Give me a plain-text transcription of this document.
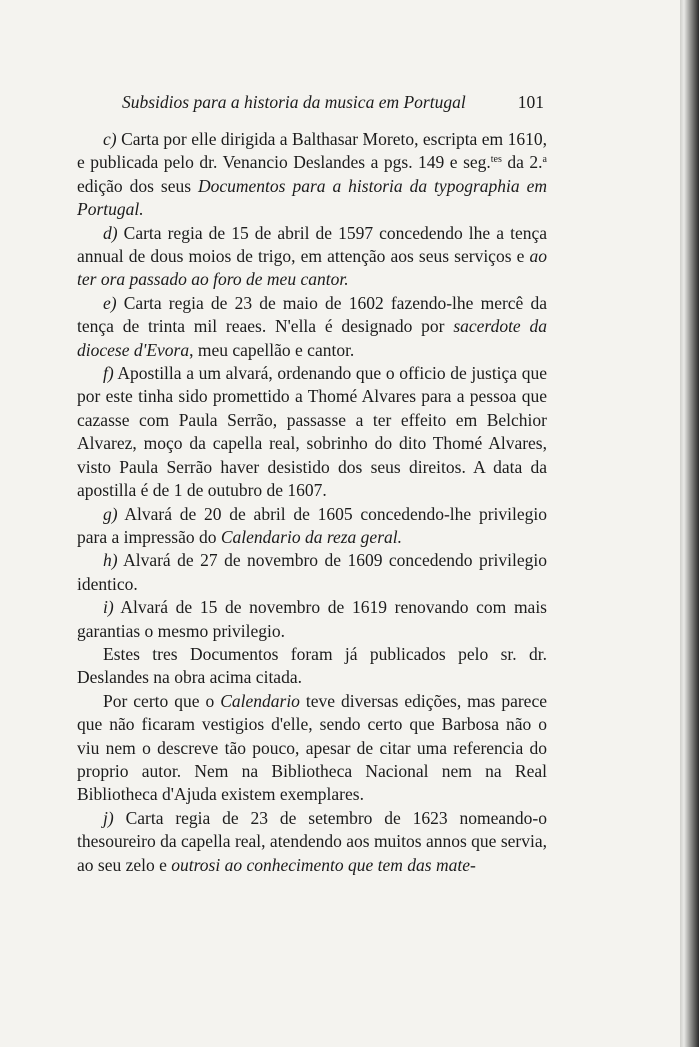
Subsidios para a historia da musica em Portugal	101

c) Carta por elle dirigida a Balthasar Moreto, escripta em 1610, e publicada pelo dr. Venancio Deslandes a pgs. 149 e seg.$^{tes}$ da 2.$^a$ edição dos seus Documentos para a historia da typographia em Portugal.

d) Carta regia de 15 de abril de 1597 concedendo lhe a tença annual de dous moios de trigo, em attenção aos seus serviços e ao ter ora passado ao foro de meu cantor.

e) Carta regia de 23 de maio de 1602 fazendo-lhe mercê da tença de trinta mil reaes. N'ella é designado por sacerdote da diocese d'Evora, meu capellão e cantor.

f) Apostilla a um alvará, ordenando que o officio de justiça que por este tinha sido promettido a Thomé Alvares para a pessoa que cazasse com Paula Serrão, passasse a ter effeito em Belchior Alvarez, moço da capella real, sobrinho do dito Thomé Alvares, visto Paula Serrão haver desistido dos seus direitos. A data da apostilla é de 1 de outubro de 1607.

g) Alvará de 20 de abril de 1605 concedendo-lhe privilegio para a impressão do Calendario da reza geral.

h) Alvará de 27 de novembro de 1609 concedendo privilegio identico.

i) Alvará de 15 de novembro de 1619 renovando com mais garantias o mesmo privilegio.

Estes tres Documentos foram já publicados pelo sr. dr. Deslandes na obra acima citada.

Por certo que o Calendario teve diversas edições, mas parece que não ficaram vestigios d'elle, sendo certo que Barbosa não o viu nem o descreve tão pouco, apesar de citar uma referencia do proprio autor. Nem na Bibliotheca Nacional nem na Real Bibliotheca d'Ajuda existem exemplares.

j) Carta regia de 23 de setembro de 1623 nomeando-o thesoureiro da capella real, atendendo aos muitos annos que servia, ao seu zelo e outrosi ao conhecimento que tem das mate-
